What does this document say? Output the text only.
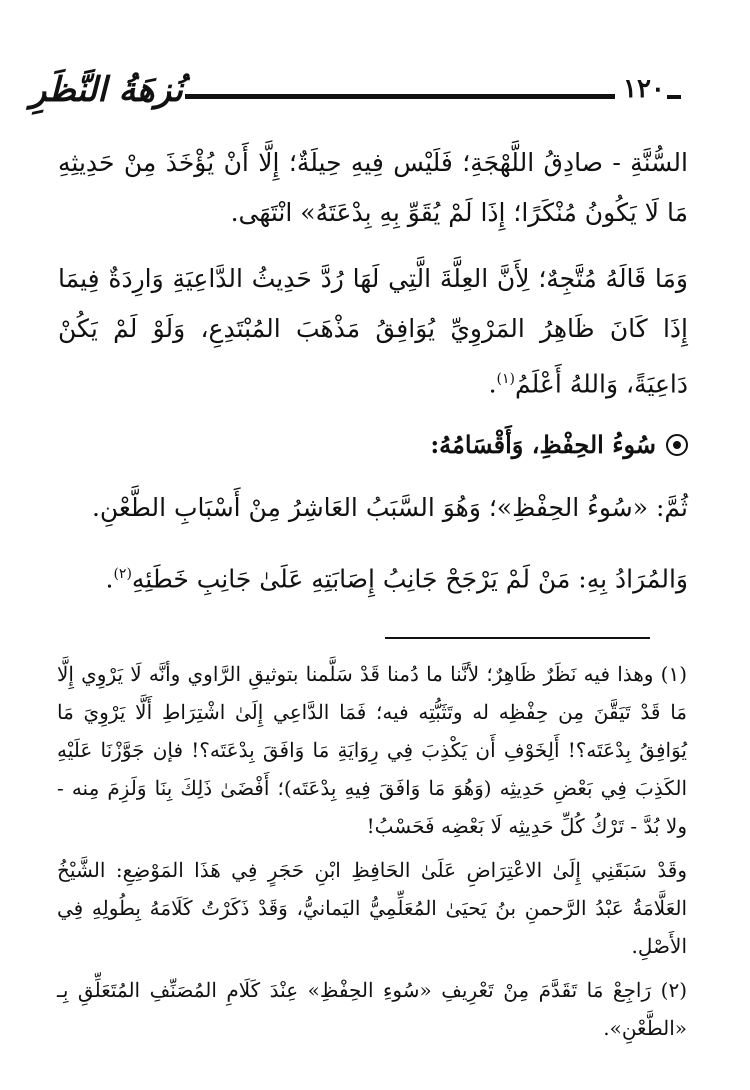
نُزهَةُ النَّظَرِ	١٢٠

السُّنَّةِ - صادِقُ اللَّهْجَةِ؛ فَلَيْس فِيهِ حِيلَةٌ؛ إِلَّا أَنْ يُؤْخَذَ مِنْ حَدِيثِهِ مَا لَا يَكُونُ مُنْكَرًا؛ إِذَا لَمْ يُقَوِّ بِهِ بِدْعَتَهُ» انْتَهَى.

وَمَا قَالَهُ مُتَّجِهٌ؛ لِأَنَّ العِلَّةَ الَّتِي لَهَا رُدَّ حَدِيثُ الدَّاعِيَةِ وَارِدَةٌ فِيمَا إِذَا كَانَ ظَاهِرُ المَرْوِيِّ يُوَافِقُ مَذْهَبَ المُبْتَدِعِ، وَلَوْ لَمْ يَكُنْ دَاعِيَةً، وَاللهُ أَعْلَمُ$^{(١)}$.

سُوءُ الحِفْظِ، وَأَقْسَامُهُ:

ثُمَّ: «سُوءُ الحِفْظِ»؛ وَهُوَ السَّبَبُ العَاشِرُ مِنْ أَسْبَابِ الطَّعْنِ.

وَالمُرَادُ بِهِ: مَنْ لَمْ يَرْجَحْ جَانِبُ إِصَابَتِهِ عَلَىٰ جَانِبِ خَطَئِهِ$^{(٢)}$.

(١) وهذا فيه نَظَرٌ ظَاهِرٌ؛ لأنَّنا ما دُمنا قَدْ سَلَّمنا بتوثيقِ الرَّاوي وأنَّه لَا يَرْوِي إِلَّا مَا قَدْ تَيَقَّنَ مِن حِفْظِه له وتَثَبُّتِه فيه؛ فَمَا الدَّاعِي إِلَىٰ اشْتِرَاطِ أَلَّا يَرْوِيَ مَا يُوَافِقُ بِدْعَتَه؟! أَلِخَوْفِ أَن يَكْذِبَ فِي رِوَايَةِ مَا وَافَقَ بِدْعَتَه؟! فإن جَوَّزْنَا عَلَيْهِ الكَذِبَ فِي بَعْضِ حَدِيثِه (وَهُوَ مَا وَافَقَ فِيهِ بِدْعَتَه)؛ أَفْضَىٰ ذَلِكَ بِنَا وَلَزِمَ مِنه - ولا بُدَّ - تَرْكُ كُلِّ حَدِيثِه لَا بَعْضِه فَحَسْبُ!

وقَدْ سَبَقَنِي إِلَىٰ الاعْتِرَاضِ عَلَىٰ الحَافِظِ ابْنِ حَجَرٍ فِي هَذَا المَوْضِعِ: الشَّيْخُ العَلَّامَةُ عَبْدُ الرَّحمنِ بنُ يَحيَىٰ المُعَلِّمِيُّ اليَمانيُّ، وَقَدْ ذَكَرْتُ كَلَامَهُ بِطُولِهِ فِي الأَصْلِ.

(٢) رَاجِعْ مَا تَقَدَّمَ مِنْ تَعْرِيفِ «سُوءِ الحِفْظِ» عِنْدَ كَلَامِ المُصَنِّفِ المُتَعَلِّقِ بِـ «الطَّعْنِ».
